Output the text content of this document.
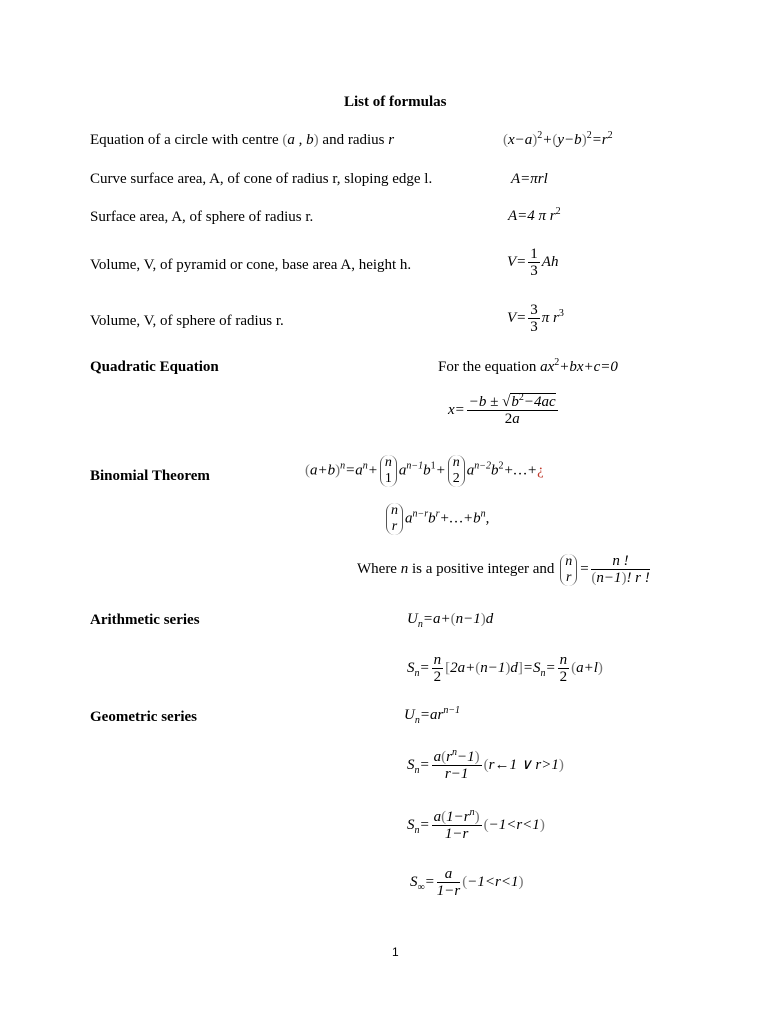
List of formulas
Equation of a circle with centre (a , b) and radius r	$(x-a)^2+(y-b)^2=r^2$
Curve surface area, A, of cone of radius r, sloping edge l.	A=πrl
Surface area, A, of sphere of radius r.	A=4 π $r^2$
Volume, V, of pyramid or cone, base area A, height h.	$V= \frac{1}{3}$ Ah
Volume, V, of sphere of radius r.	$V= \frac{3}{3}$ π $r^3$
Quadratic Equation	For the equation $ax^2+bx+c=0$
$x= \frac{-b \pm √b^2-4ac}{2a}$
Binomial Theorem	$(a+b)^n=a^n+ n$
1
$a^{n-1}b^1+ n$
2
$a^{n-2}b^2+\dots+¿$
n
r
$a^{n-r}b^r+\dots+b^n$,
Where n is a positive integer and n
r
= $\frac{n !}{(n-1)! r !}$
Arithmetic series	$U_n=a+(n-1)d$
$S_n= \frac{n}{2} [2a+(n-1)d]=S_n= \frac{n}{2} (a+l)$
Geometric series	$U_n=ar^{n-1}$
$S_n= \frac{a(r^n-1)}{r-1}$ (r←1 ∨ r>1)
$S_n= \frac{a(1-r^n)}{1-r} (-1<r<1)$
$S_\infty= \frac{a}{1-r} (-1<r<1)$
1
